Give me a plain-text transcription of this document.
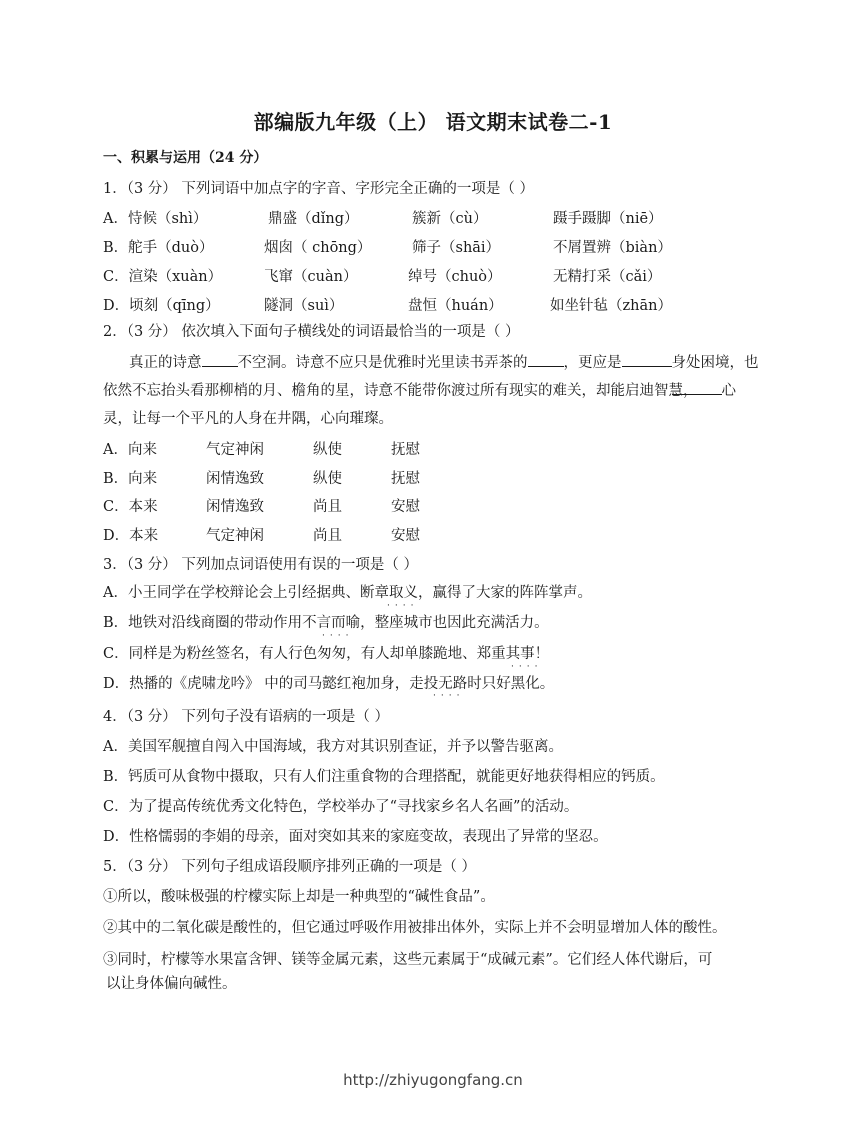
部编版九年级（上） 语文期末试卷二-1
一、积累与运用（24 分）
1．（3 分） 下列词语中加点字的字音、字形完全正确的一项是（ ）
A．恃候（shì）	鼎盛（dǐng）	簇新（cù）	蹑手蹑脚（niē）
B．舵手（duò）	烟囱（ chōng）	筛子（shāi）	不屑置辨（biàn）
C．渲染（xuàn）	飞窜（cuàn）	绰号（chuò）	无精打采（cǎi）
D．顷刻（qīng）	隧洞（suì）	盘恒（huán）	如坐针毡（zhān）
2．（3 分） 依次填入下面句子横线处的词语最恰当的一项是（ ）
真正的诗意 不空洞。诗意不应只是优雅时光里读书弄茶的 ，更应是	身处困境，也依然不忘抬头看那柳梢的月、檐角的星，诗意不能带你渡过所有现实的难关，却能启迪智慧， 心灵，让每一个平凡的人身在井隅，心向璀璨。
A．向来	气定神闲	纵使	抚慰
B．向来	闲情逸致	纵使	抚慰
C．本来	闲情逸致	尚且	安慰
D．本来	气定神闲	尚且	安慰
3．（3 分） 下列加点词语使用有误的一项是（ ）
A．小王同学在学校辩论会上引经据典、断章取义，赢得了大家的阵阵掌声。
····
B．地铁对沿线商圈的带动作用不言而喻，整座城市也因此充满活力。
····
C．同样是为粉丝签名，有人行色匆匆，有人却单膝跪地、郑重其事！
····
D．热播的《虎啸龙吟》 中的司马懿红袍加身，走投无路时只好黑化。
····
4．（3 分） 下列句子没有语病的一项是（ ）
A．美国军舰擅自闯入中国海域，我方对其识别查证，并予以警告驱离。
B．钙质可从食物中摄取，只有人们注重食物的合理搭配，就能更好地获得相应的钙质。
C．为了提高传统优秀文化特色，学校举办了“寻找家乡名人名画”的活动。
D．性格懦弱的李娟的母亲，面对突如其来的家庭变故，表现出了异常的坚忍。
5．（3 分） 下列句子组成语段顺序排列正确的一项是（ ）
①所以，酸味极强的柠檬实际上却是一种典型的“碱性食品”。
②其中的二氧化碳是酸性的，但它通过呼吸作用被排出体外，实际上并不会明显增加人体的酸性。
③同时，柠檬等水果富含钾、镁等金属元素，这些元素属于“成碱元素”。它们经人体代谢后，可
以让身体偏向碱性。
http://zhiyugongfang.cn
